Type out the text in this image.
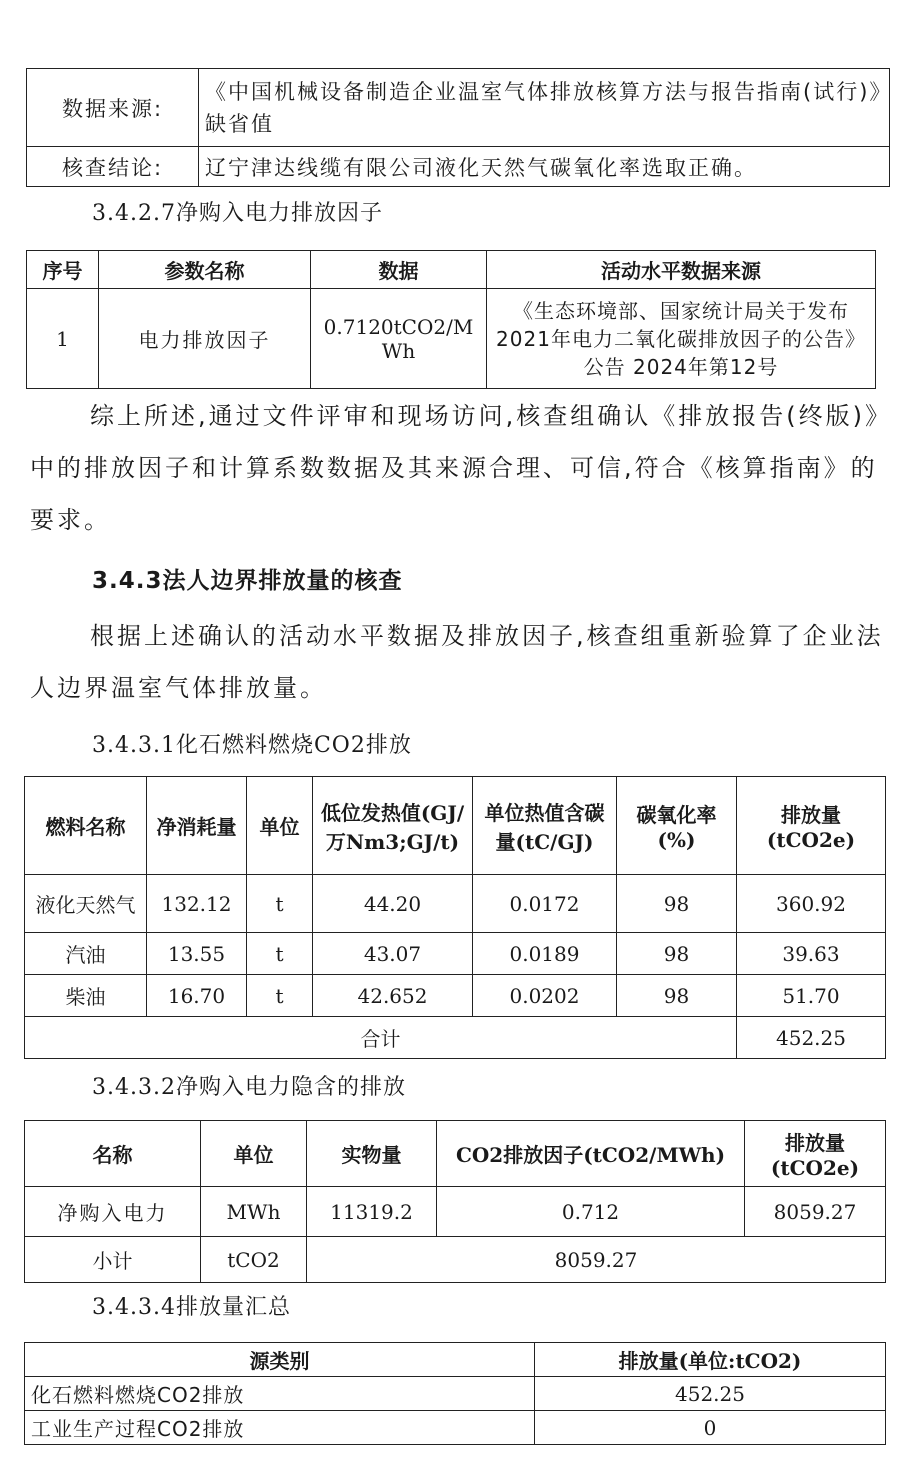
数据来源:	《中国机械设备制造企业温室气体排放核算方法与报告指南(试行)》缺省值
核查结论:	辽宁津达线缆有限公司液化天然气碳氧化率选取正确。
3.4.2.7净购入电力排放因子
序号	参数名称	数据	活动水平数据来源
1	电力排放因子	0.7120tCO2/MWh	《生态环境部、国家统计局关于发布2021年电力二氧化碳排放因子的公告》公告 2024年第12号
综上所述,通过文件评审和现场访问,核查组确认《排放报告(终版)》中的排放因子和计算系数数据及其来源合理、可信,符合《核算指南》的要求。
3.4.3法人边界排放量的核查
根据上述确认的活动水平数据及排放因子,核查组重新验算了企业法人边界温室气体排放量。
3.4.3.1化石燃料燃烧CO2排放
燃料名称	净消耗量	单位	低位发热值(GJ/万Nm3;GJ/t)	单位热值含碳量(tC/GJ)	碳氧化率(%)	排放量(tCO2e)
液化天然气	132.12	t	44.20	0.0172	98	360.92
汽油	13.55	t	43.07	0.0189	98	39.63
柴油	16.70	t	42.652	0.0202	98	51.70
合计						452.25
3.4.3.2净购入电力隐含的排放
名称	单位	实物量	CO2排放因子(tCO2/MWh)	排放量(tCO2e)
净购入电力	MWh	11319.2	0.712	8059.27
小计	tCO2	8059.27		
3.4.3.4排放量汇总
源类别	排放量(单位:tCO2)
化石燃料燃烧CO2排放	452.25
工业生产过程CO2排放	0
